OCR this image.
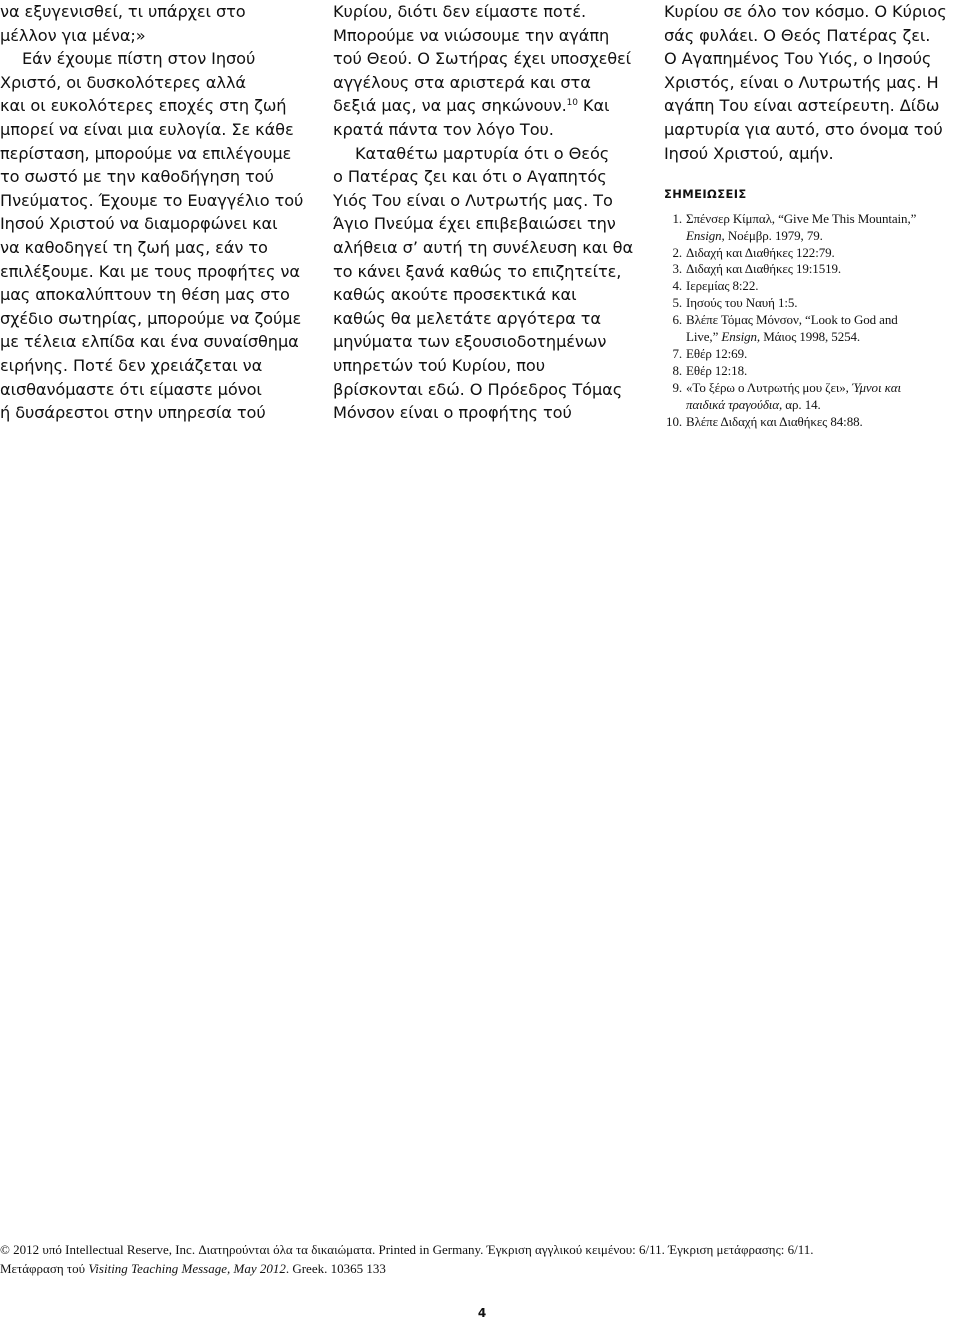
να εξυγενισθεί, τι υπάρχει στο
μέλλον για μένα;»

Εάν έχουμε πίστη στον Ιησού
Χριστό, οι δυσκολότερες αλλά
και οι ευκολότερες εποχές στη ζωή
μπορεί να είναι μια ευλογία. Σε κάθε
περίσταση, μπορούμε να επιλέγουμε
το σωστό με την καθοδήγηση τού
Πνεύματος. Έχουμε το Ευαγγέλιο τού
Ιησού Χριστού να διαμορφώνει και
να καθοδηγεί τη ζωή μας, εάν το
επιλέξουμε. Και με τους προφήτες να
μας αποκαλύπτουν τη θέση μας στο
σχέδιο σωτηρίας, μπορούμε να ζούμε
με τέλεια ελπίδα και ένα συναίσθημα
ειρήνης. Ποτέ δεν χρειάζεται να
αισθανόμαστε ότι είμαστε μόνοι
ή δυσάρεστοι στην υπηρεσία τού

Κυρίου, διότι δεν είμαστε ποτέ.
Μπορούμε να νιώσουμε την αγάπη
τού Θεού. Ο Σωτήρας έχει υποσχεθεί
αγγέλους στα αριστερά και στα
δεξιά μας, να μας σηκώνουν.$^{10}$ Και
κρατά πάντα τον λόγο Του.

Καταθέτω μαρτυρία ότι ο Θεός
ο Πατέρας ζει και ότι ο Αγαπητός
Υιός Του είναι ο Λυτρωτής μας. Το
Άγιο Πνεύμα έχει επιβεβαιώσει την
αλήθεια σ’ αυτή τη συνέλευση και θα
το κάνει ξανά καθώς το επιζητείτε,
καθώς ακούτε προσεκτικά και
καθώς θα μελετάτε αργότερα τα
μηνύματα των εξουσιοδοτημένων
υπηρετών τού Κυρίου, που
βρίσκονται εδώ. Ο Πρόεδρος Τόμας
Μόνσον είναι ο προφήτης τού

Κυρίου σε όλο τον κόσμο. Ο Κύριος
σάς φυλάει. Ο Θεός Πατέρας ζει.
Ο Αγαπημένος Του Υιός, ο Ιησούς
Χριστός, είναι ο Λυτρωτής μας. Η
αγάπη Του είναι αστείρευτη. Δίδω
μαρτυρία για αυτό, στο όνομα τού
Ιησού Χριστού, αμήν.

ΣΗΜΕΙΩΣΕΙΣ
1. Σπένσερ Κίμπαλ, “Give Me This Mountain,”
Ensign, Νοέμβρ. 1979, 79.
2. Διδαχή και Διαθήκες 122:79.
3. Διδαχή και Διαθήκες 19:1519.
4. Ιερεμίας 8:22.
5. Ιησούς του Ναυή 1:5.
6. Βλέπε Τόμας Μόνσον, “Look to God and
Live,” Ensign, Μάιος 1998, 5254.
7. Εθέρ 12:69.
8. Εθέρ 12:18.
9. «Το ξέρω ο Λυτρωτής μου ζει», Ύμνοι και
παιδικά τραγούδια, αρ. 14.
10. Βλέπε Διδαχή και Διαθήκες 84:88.
© 2012 υπό Intellectual Reserve, Inc. Διατηρούνται όλα τα δικαιώματα. Printed in Germany. Έγκριση αγγλικού κειμένου: 6/11. Έγκριση μετάφρασης: 6/11.
Μετάφραση τού Visiting Teaching Message, May 2012. Greek. 10365 133
4
